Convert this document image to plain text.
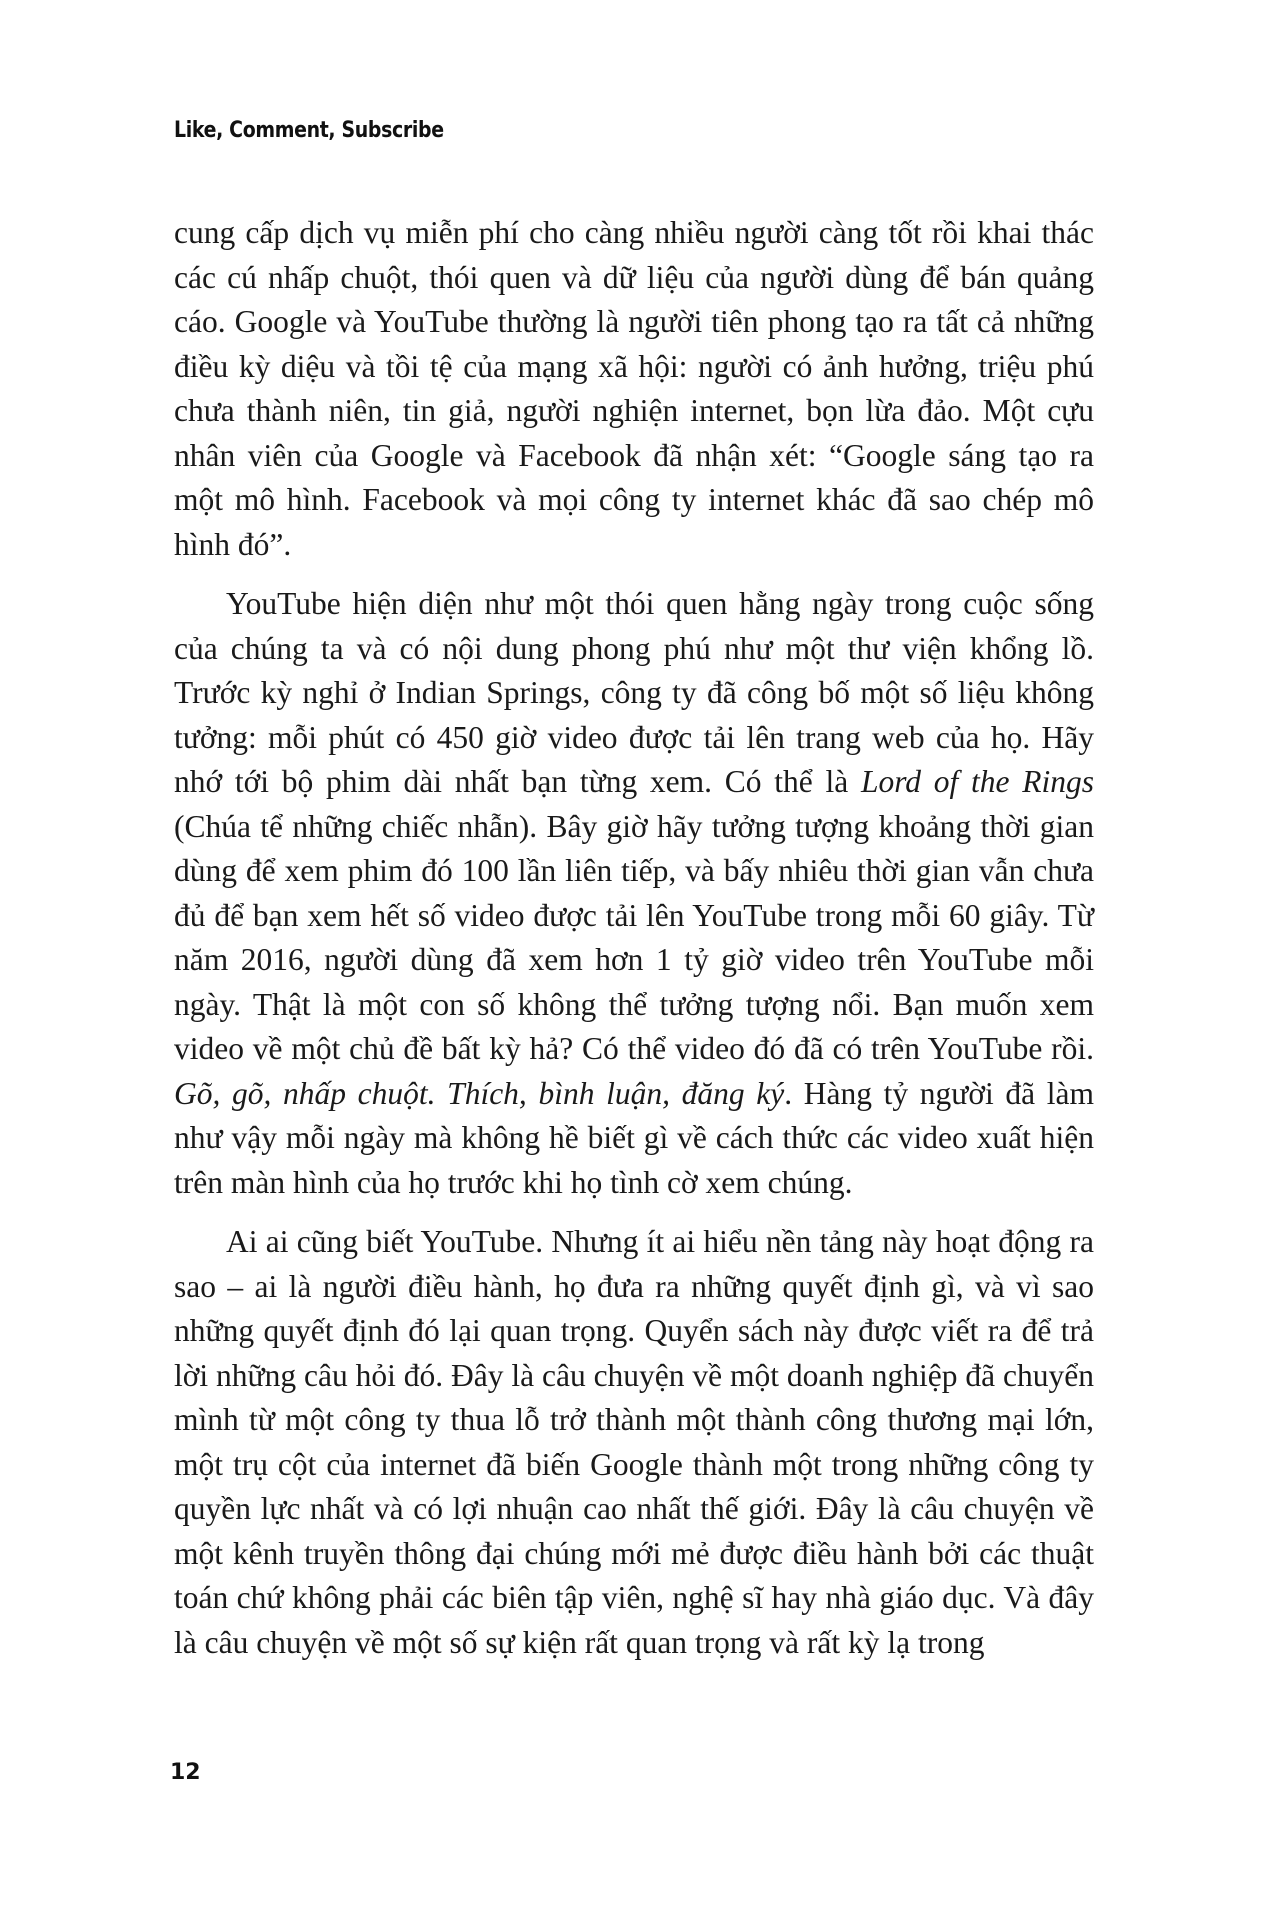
Like, Comment, Subscribe

cung cấp dịch vụ miễn phí cho càng nhiều người càng tốt rồi khai thác các cú nhấp chuột, thói quen và dữ liệu của người dùng để bán quảng cáo. Google và YouTube thường là người tiên phong tạo ra tất cả những điều kỳ diệu và tồi tệ của mạng xã hội: người có ảnh hưởng, triệu phú chưa thành niên, tin giả, người nghiện internet, bọn lừa đảo. Một cựu nhân viên của Google và Facebook đã nhận xét: “Google sáng tạo ra một mô hình. Facebook và mọi công ty internet khác đã sao chép mô hình đó”.

YouTube hiện diện như một thói quen hằng ngày trong cuộc sống của chúng ta và có nội dung phong phú như một thư viện khổng lồ. Trước kỳ nghỉ ở Indian Springs, công ty đã công bố một số liệu không tưởng: mỗi phút có 450 giờ video được tải lên trang web của họ. Hãy nhớ tới bộ phim dài nhất bạn từng xem. Có thể là Lord of the Rings (Chúa tể những chiếc nhẫn). Bây giờ hãy tưởng tượng khoảng thời gian dùng để xem phim đó 100 lần liên tiếp, và bấy nhiêu thời gian vẫn chưa đủ để bạn xem hết số video được tải lên YouTube trong mỗi 60 giây. Từ năm 2016, người dùng đã xem hơn 1 tỷ giờ video trên YouTube mỗi ngày. Thật là một con số không thể tưởng tượng nổi. Bạn muốn xem video về một chủ đề bất kỳ hả? Có thể video đó đã có trên YouTube rồi. Gõ, gõ, nhấp chuột. Thích, bình luận, đăng ký. Hàng tỷ người đã làm như vậy mỗi ngày mà không hề biết gì về cách thức các video xuất hiện trên màn hình của họ trước khi họ tình cờ xem chúng.

Ai ai cũng biết YouTube. Nhưng ít ai hiểu nền tảng này hoạt động ra sao – ai là người điều hành, họ đưa ra những quyết định gì, và vì sao những quyết định đó lại quan trọng. Quyển sách này được viết ra để trả lời những câu hỏi đó. Đây là câu chuyện về một doanh nghiệp đã chuyển mình từ một công ty thua lỗ trở thành một thành công thương mại lớn, một trụ cột của internet đã biến Google thành một trong những công ty quyền lực nhất và có lợi nhuận cao nhất thế giới. Đây là câu chuyện về một kênh truyền thông đại chúng mới mẻ được điều hành bởi các thuật toán chứ không phải các biên tập viên, nghệ sĩ hay nhà giáo dục. Và đây là câu chuyện về một số sự kiện rất quan trọng và rất kỳ lạ trong

12
